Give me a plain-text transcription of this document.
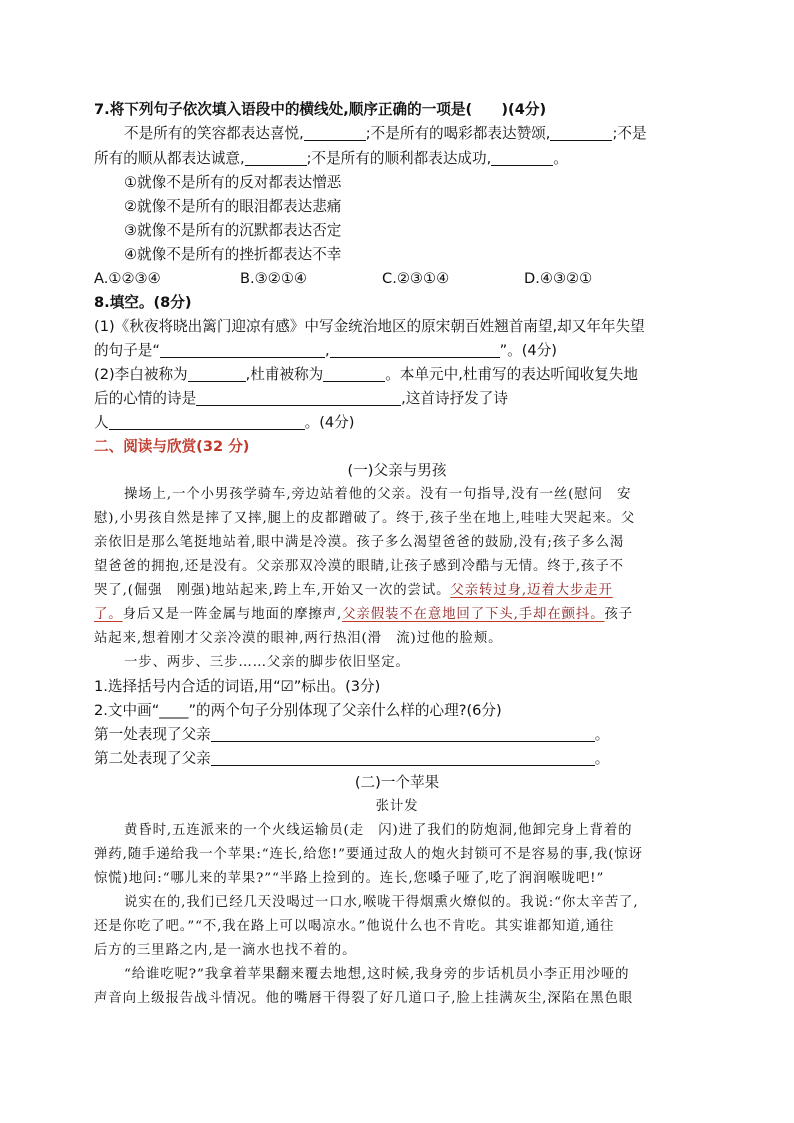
7.将下列句子依次填入语段中的横线处,顺序正确的一项是(　　)(4分)
不是所有的笑容都表达喜悦,	;不是所有的喝彩都表达赞颂,	;不是
所有的顺从都表达诚意,	;不是所有的顺利都表达成功,	。
①就像不是所有的反对都表达憎恶
②就像不是所有的眼泪都表达悲痛
③就像不是所有的沉默都表达否定
④就像不是所有的挫折都表达不幸
A.①②③④	B.③②①④	C.②③①④	D.④③②①
8.填空。(8分)
(1)《秋夜将晓出篱门迎凉有感》中写金统治地区的原宋朝百姓翘首南望,却又年年失望
的句子是“	,	”。(4分)
(2)李白被称为	,杜甫被称为	。本单元中,杜甫写的表达听闻收复失地
后的心情的诗是	,这首诗抒发了诗
人	。(4分)
二、阅读与欣赏(32 分)
(一)父亲与男孩
操场上,一个小男孩学骑车,旁边站着他的父亲。没有一句指导,没有一丝(慰问　安
慰),小男孩自然是摔了又摔,腿上的皮都蹭破了。终于,孩子坐在地上,哇哇大哭起来。父
亲依旧是那么笔挺地站着,眼中满是冷漠。孩子多么渴望爸爸的鼓励,没有;孩子多么渴
望爸爸的拥抱,还是没有。父亲那双冷漠的眼睛,让孩子感到冷酷与无情。终于,孩子不
哭了,(倔强　刚强)地站起来,跨上车,开始又一次的尝试。父亲转过身,迈着大步走开
了。身后又是一阵金属与地面的摩擦声,父亲假装不在意地回了下头,手却在颤抖。孩子
站起来,想着刚才父亲冷漠的眼神,两行热泪(滑　流)过他的脸颊。
一步、两步、三步……父亲的脚步依旧坚定。
1.选择括号内合适的词语,用“☑”标出。(3分)
2.文中画“____”的两个句子分别体现了父亲什么样的心理?(6分)
第一处表现了父亲	。
第二处表现了父亲	。
(二)一个苹果
张计发
黄昏时,五连派来的一个火线运输员(走　闪)进了我们的防炮洞,他卸完身上背着的
弹药,随手递给我一个苹果:“连长,给您!”要通过敌人的炮火封锁可不是容易的事,我(惊讶
惊慌)地问:“哪儿来的苹果?”“半路上捡到的。连长,您嗓子哑了,吃了润润喉咙吧!”
说实在的,我们已经几天没喝过一口水,喉咙干得烟熏火燎似的。我说:“你太辛苦了,
还是你吃了吧。”“不,我在路上可以喝凉水。”他说什么也不肯吃。其实谁都知道,通往
后方的三里路之内,是一滴水也找不着的。
“给谁吃呢?”我拿着苹果翻来覆去地想,这时候,我身旁的步话机员小李正用沙哑的
声音向上级报告战斗情况。他的嘴唇干得裂了好几道口子,脸上挂满灰尘,深陷在黑色眼
